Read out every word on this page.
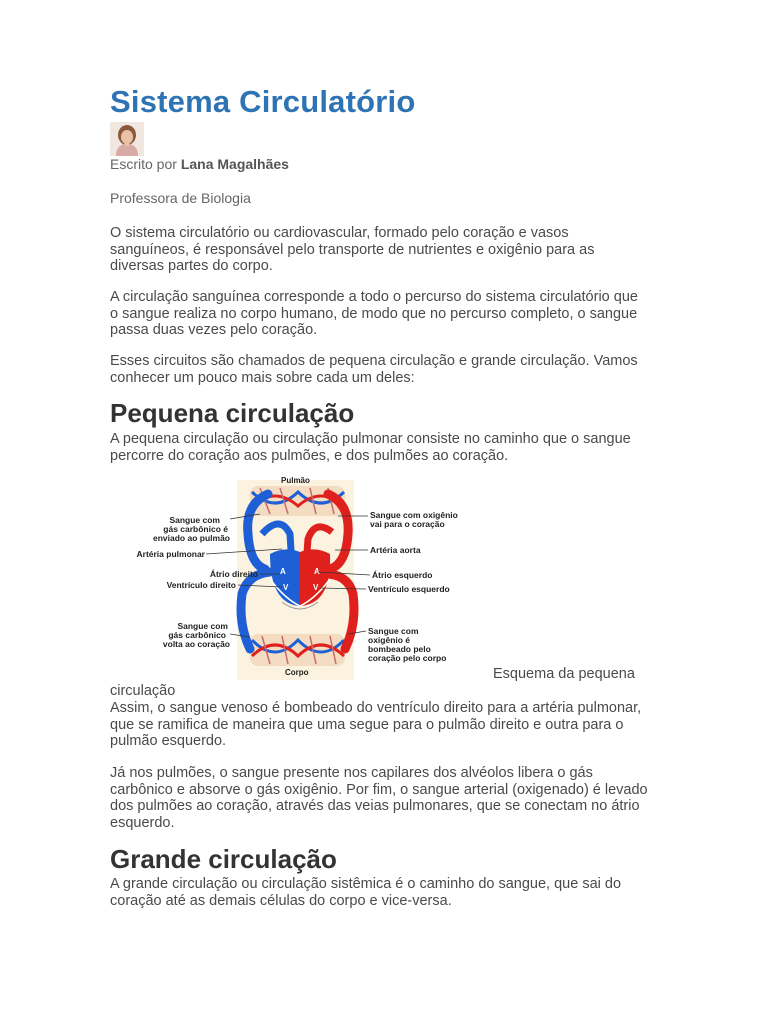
Sistema Circulatório
Escrito por Lana Magalhães
Professora de Biologia

O sistema circulatório ou cardiovascular, formado pelo coração e vasos sanguíneos, é responsável pelo transporte de nutrientes e oxigênio para as diversas partes do corpo.

A circulação sanguínea corresponde a todo o percurso do sistema circulatório que o sangue realiza no corpo humano, de modo que no percurso completo, o sangue passa duas vezes pelo coração.

Esses circuitos são chamados de pequena circulação e grande circulação. Vamos conhecer um pouco mais sobre cada um deles:

Pequena circulação

A pequena circulação ou circulação pulmonar consiste no caminho que o sangue percorre do coração aos pulmões, e dos pulmões ao coração.

A
V
A
V
Pulmão
Corpo
Sangue com
gás carbônico é
enviado ao pulmão
Artéria pulmonar
Átrio direito
Ventrículo direito
Sangue com
gás carbônico
volta ao coração
Sangue com oxigênio
vai para o coração
Artéria aorta
Átrio esquerdo
Ventrículo esquerdo
Sangue com
oxigênio é
bombeado pelo
coração pelo corpo
Esquema da pequena
circulação

Assim, o sangue venoso é bombeado do ventrículo direito para a artéria pulmonar, que se ramifica de maneira que uma segue para o pulmão direito e outra para o pulmão esquerdo.

Já nos pulmões, o sangue presente nos capilares dos alvéolos libera o gás carbônico e absorve o gás oxigênio. Por fim, o sangue arterial (oxigenado) é levado dos pulmões ao coração, através das veias pulmonares, que se conectam no átrio esquerdo.

Grande circulação

A grande circulação ou circulação sistêmica é o caminho do sangue, que sai do coração até as demais células do corpo e vice-versa.
